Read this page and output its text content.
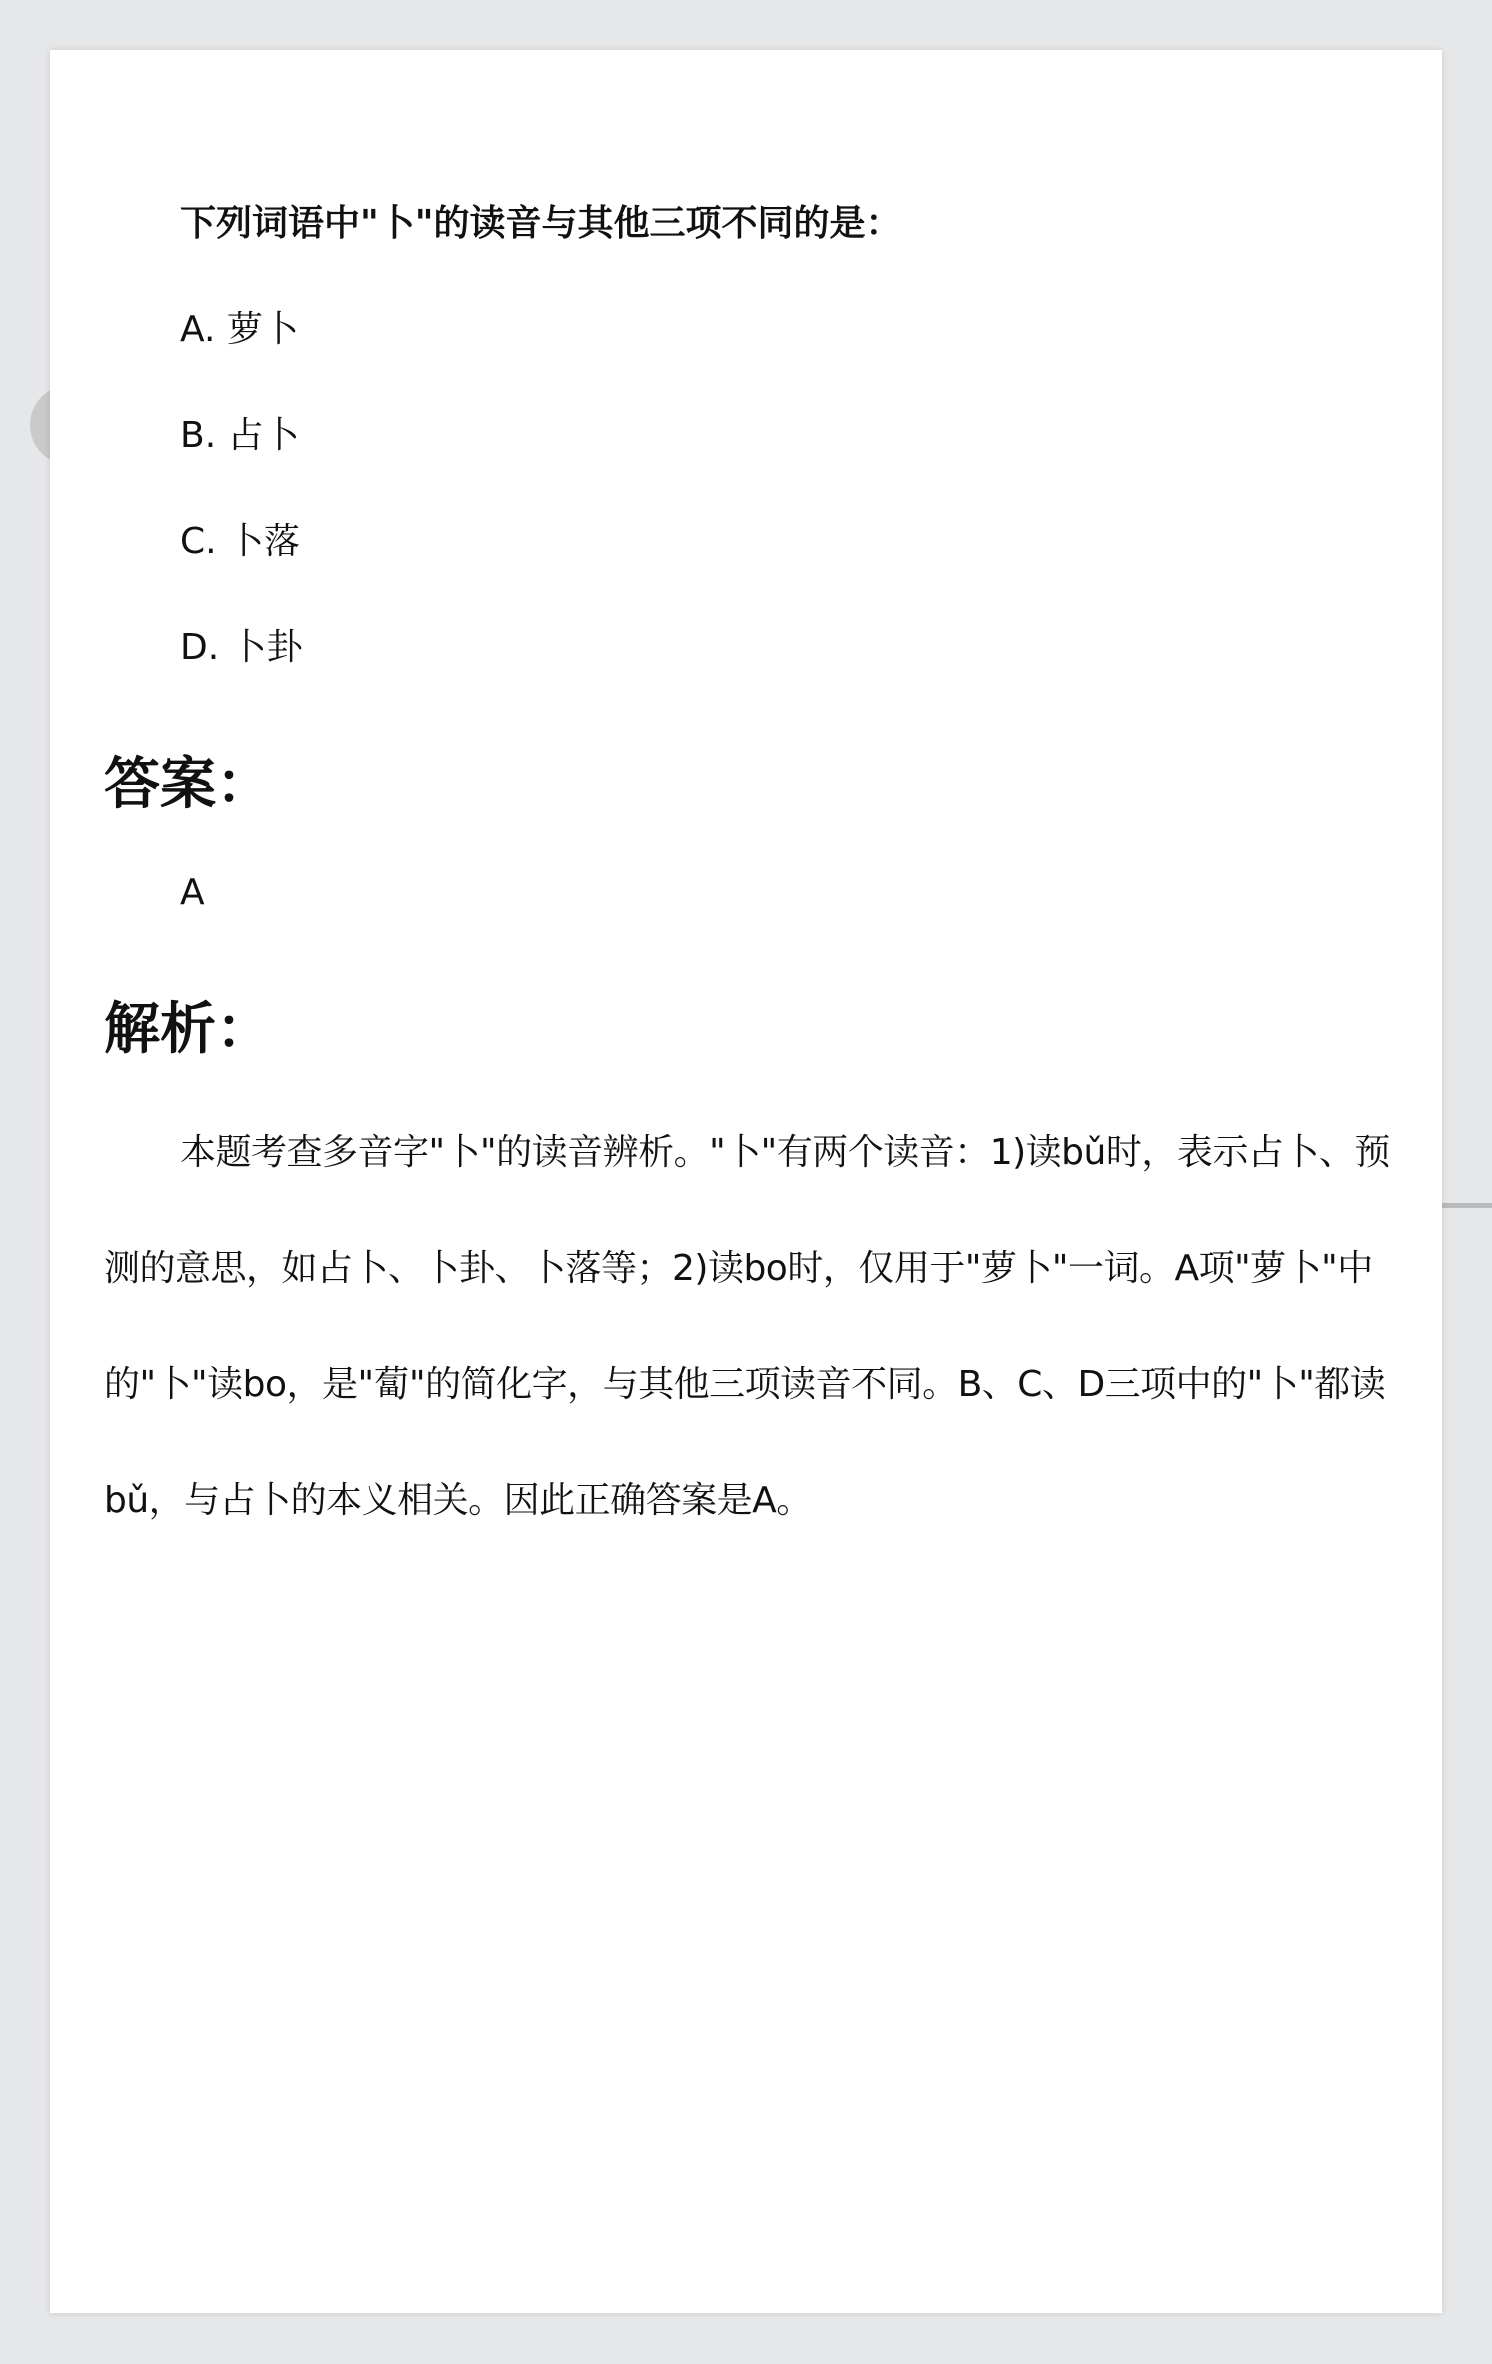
下列词语中"卜"的读音与其他三项不同的是：

A. 萝卜
B. 占卜
C. 卜落
D. 卜卦
答案：

A

解析：

本题考查多音字"卜"的读音辨析。"卜"有两个读音：1)读bǔ时，表示占卜、预测的意思，如占卜、卜卦、卜落等；2)读bo时，仅用于"萝卜"一词。A项"萝卜"中的"卜"读bo，是"蔔"的简化字，与其他三项读音不同。B、C、D三项中的"卜"都读bǔ，与占卜的本义相关。因此正确答案是A。
